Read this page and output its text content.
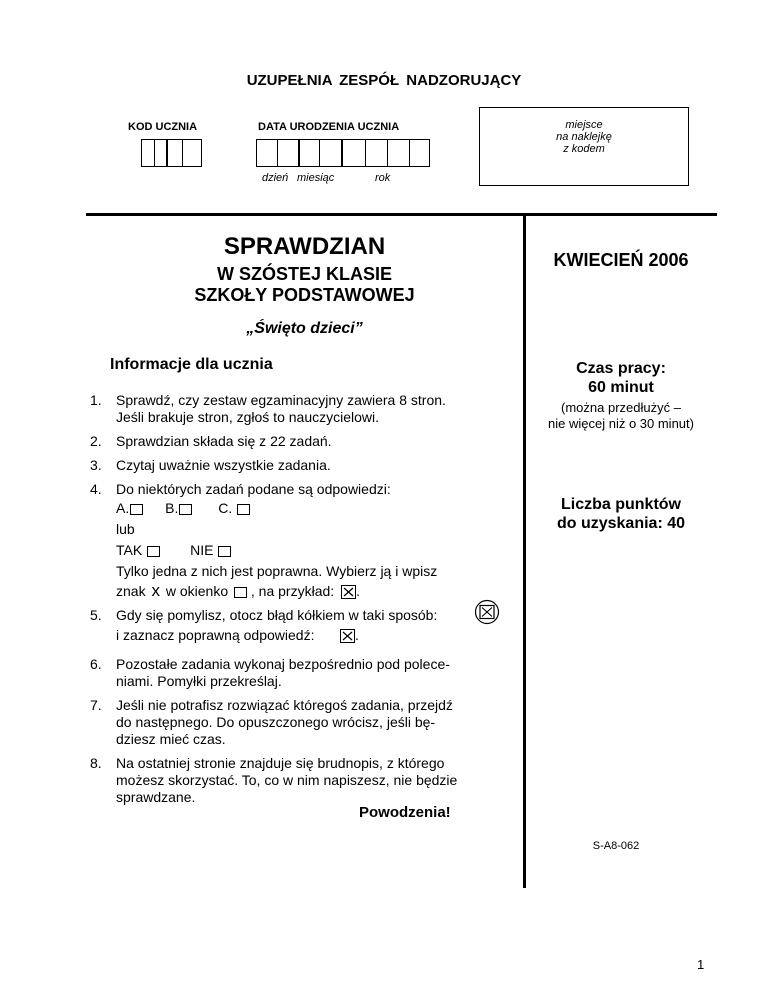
UZUPEŁNIA ZESPÓŁ NADZORUJĄCY
KOD UCZNIA	DATA URODZENIA UCZNIA
dzień miesiąc	rok
miejsce
na naklejkę
z kodem
SPRAWDZIAN
W SZÓSTEJ KLASIE
SZKOŁY PODSTAWOWEJ
„Święto dzieci”
KWIECIEŃ 2006
Informacje dla ucznia
1. Sprawdź, czy zestaw egzaminacyjny zawiera 8 stron.
Jeśli brakuje stron, zgłoś to nauczycielowi.
2. Sprawdzian składa się z 22 zadań.
3. Czytaj uważnie wszystkie zadania.
4. Do niektórych zadań podane są odpowiedzi:
A.	B.	C.
lub
TAK	NIE
Tylko jedna z nich jest poprawna. Wybierz ją i wpisz
znak x w okienko , na przykład: .
5. Gdy się pomylisz, otocz błąd kółkiem w taki sposób:
i zaznacz poprawną odpowiedź:	.
6. Pozostałe zadania wykonaj bezpośrednio pod polece-
niami. Pomyłki przekreślaj.
7. Jeśli nie potrafisz rozwiązać któregoś zadania, przejdź
do następnego. Do opuszczonego wrócisz, jeśli bę-
dziesz mieć czas.
8. Na ostatniej stronie znajduje się brudnopis, z którego
możesz skorzystać. To, co w nim napiszesz, nie będzie
sprawdzane.
Powodzenia!
Czas pracy:
60 minut
(można przedłużyć –
nie więcej niż o 30 minut)
Liczba punktów
do uzyskania: 40
S-A8-062
1
